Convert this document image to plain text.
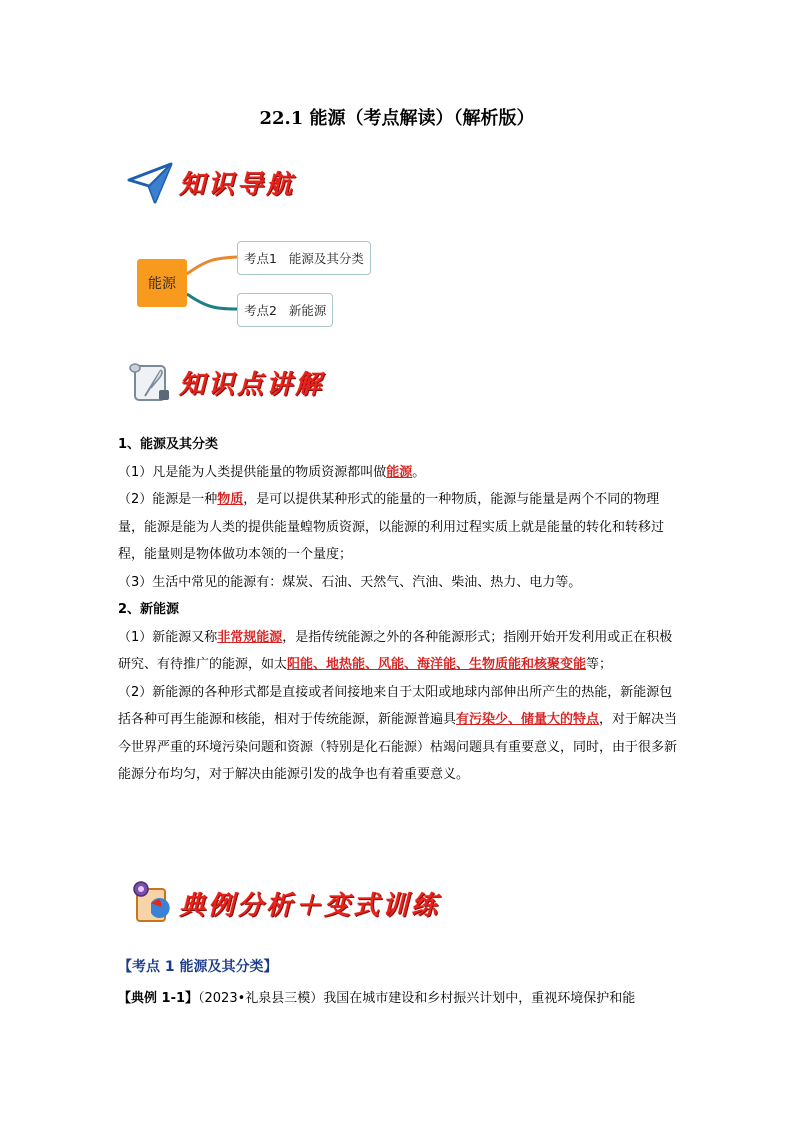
22.1 能源（考点解读）（解析版）
知识导航
能源
考点1   能源及其分类
考点2   新能源
知识点讲解
1、能源及其分类
（1）凡是能为人类提供能量的物质资源都叫做能源。
（2）能源是一种物质，是可以提供某种形式的能量的一种物质，能源与能量是两个不同的物理量，能源是能为人类的提供能量蝗物质资源，以能源的利用过程实质上就是能量的转化和转移过程，能量则是物体做功本领的一个量度；
（3）生活中常见的能源有：煤炭、石油、天然气、汽油、柴油、热力、电力等。
2、新能源
（1）新能源又称非常规能源，是指传统能源之外的各种能源形式；指刚开始开发利用或正在积极研究、有待推广的能源，如太阳能、地热能、风能、海洋能、生物质能和核聚变能等；
（2）新能源的各种形式都是直接或者间接地来自于太阳或地球内部伸出所产生的热能，新能源包括各种可再生能源和核能，相对于传统能源，新能源普遍具有污染少、储量大的特点，对于解决当今世界严重的环境污染问题和资源（特别是化石能源）枯竭问题具有重要意义，同时，由于很多新能源分布均匀，对于解决由能源引发的战争也有着重要意义。
典例分析＋变式训练
【考点 1 能源及其分类】
【典例 1-1】（2023•礼泉县三模）我国在城市建设和乡村振兴计划中，重视环境保护和能
